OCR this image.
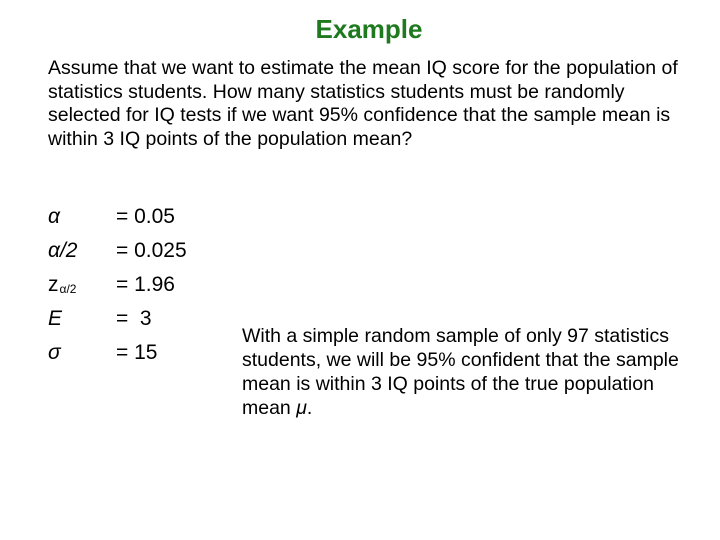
Example
Assume that we want to estimate the mean IQ score for the population of statistics students. How many statistics students must be randomly selected for IQ tests if we want 95% confidence that the sample mean is within 3 IQ points of the population mean?
α	= 0.05
α/2 = 0.025
zα/2 = 1.96
E	=  3
σ	= 15
With a simple random sample of only 97 statistics students, we will be 95% confident that the sample mean is within 3 IQ points of the true population mean μ.
